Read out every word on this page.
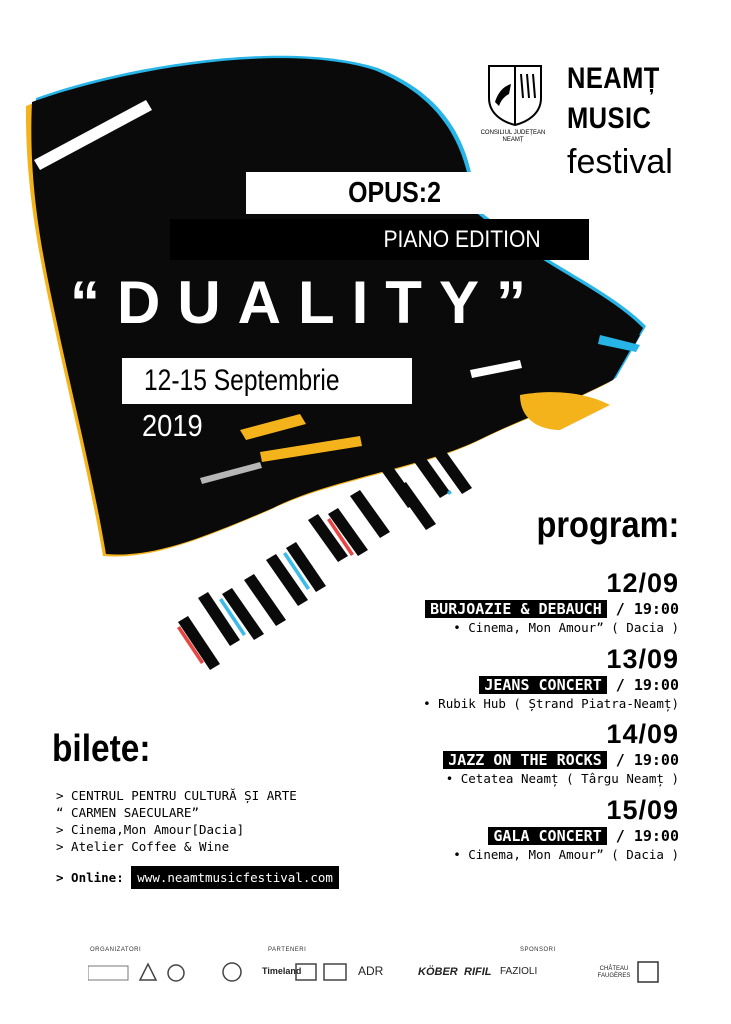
CONSILIUL JUDEȚEAN NEAMȚ
NEAMȚ
MUSIC
festival
OPUS:2
PIANO EDITION
“DUALITY”
12-15 Septembrie
2019
program:
12/09
BURJOAZIE & DEBAUCH / 19:00
• Cinema, Mon Amour” ( Dacia )
13/09
JEANS CONCERT / 19:00
• Rubik Hub ( Ștrand Piatra-Neamț)
14/09
JAZZ ON THE ROCKS / 19:00
• Cetatea Neamț ( Târgu Neamț )
15/09
GALA CONCERT / 19:00
• Cinema, Mon Amour” ( Dacia )
bilete:
> CENTRUL PENTRU CULTURĂ ȘI ARTE
“ CARMEN SAECULARE”
> Cinema,Mon Amour[Dacia]
> Atelier Coffee & Wine
> Online: www.neamtmusicfestival.com
ORGANIZATORI	PARTENERI	SPONSORI
Timeland	ADR	KÖBER RIFIL FAZIOLI	CHÂTEAU FAUGÈRES
